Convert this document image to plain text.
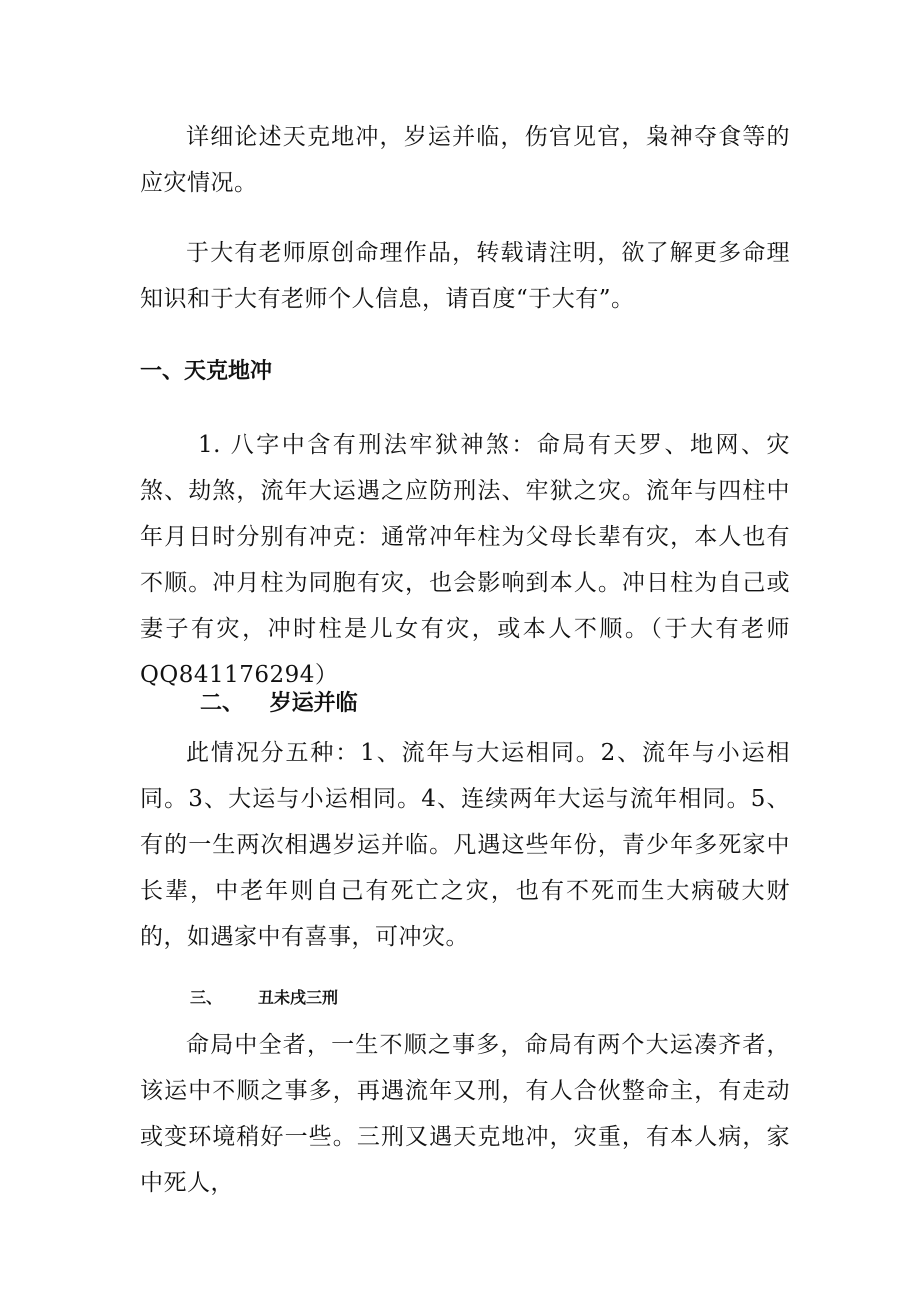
详细论述天克地冲，岁运并临，伤官见官，枭神夺食等的应灾情况。

于大有老师原创命理作品，转载请注明，欲了解更多命理知识和于大有老师个人信息，请百度“于大有”。

一、天克地冲

1. 八字中含有刑法牢狱神煞：命局有天罗、地网、灾煞、劫煞，流年大运遇之应防刑法、牢狱之灾。流年与四柱中年月日时分别有冲克：通常冲年柱为父母长辈有灾，本人也有不顺。冲月柱为同胞有灾，也会影响到本人。冲日柱为自己或妻子有灾，冲时柱是儿女有灾，或本人不顺。（于大有老师 QQ841176294）

二、 岁运并临

此情况分五种：1、流年与大运相同。2、流年与小运相同。3、大运与小运相同。4、连续两年大运与流年相同。5、有的一生两次相遇岁运并临。凡遇这些年份，青少年多死家中长辈，中老年则自己有死亡之灾，也有不死而生大病破大财的，如遇家中有喜事，可冲灾。

三、 丑未戌三刑

命局中全者，一生不顺之事多，命局有两个大运凑齐者，该运中不顺之事多，再遇流年又刑，有人合伙整命主，有走动或变环境稍好一些。三刑又遇天克地冲，灾重，有本人病，家中死人，
